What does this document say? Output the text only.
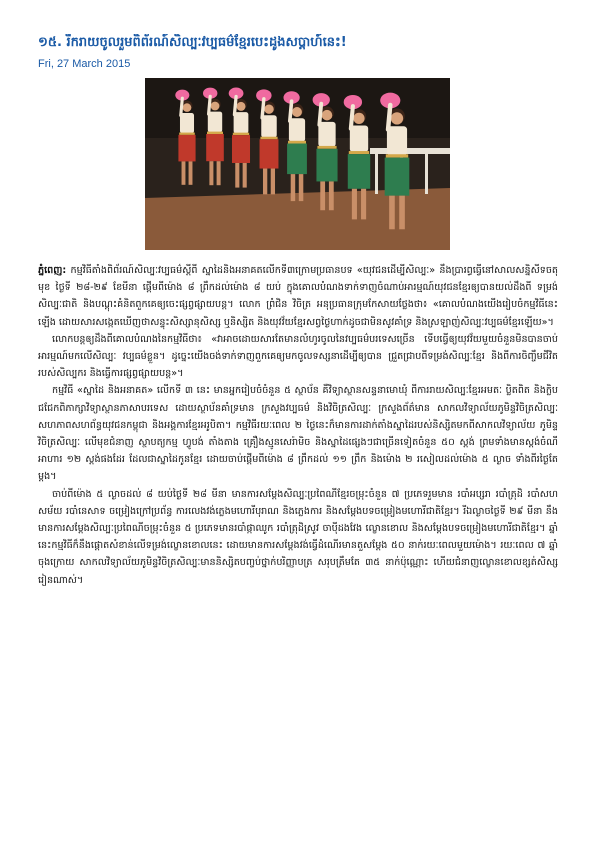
១៥. រីករាយចូលរួមពិព័រណ៍សិល្បៈវប្បធម៌ខ្មែរបេះដូងសប្តាហ៍នេះ!
Fri, 27 March 2015

ភ្នំពេញ: កម្មវិធីតាំងពិព័រណ៍សិល្បៈវប្បធម៌ស្តីពី ស្នាដៃនិងអនាគតលើកទី៣ក្រោមប្រធានបទ «យុវជនដើម្បីសិល្បៈ» នឹងប្រារព្ធធ្វើនៅសាលសន្និសីទចតុមុខ ថ្ងៃទី ២៨-២៩ ខែមីនា ផ្តើមពីម៉ោង ៨ ព្រឹកដល់ម៉ោង ៨ យប់ ក្នុងគោលបំណងទាក់ទាញចំណាប់អារម្មណ៍យុវជនខ្មែរឲ្យបានយល់ដឹងពី ទម្រង់សិល្បៈជាតិ និងបណ្តុះគំនិតពួកគេឲ្យចេះផ្សព្វផ្សាយបន្ត។ លោក ព្រំជិន វិចិត្រ អនុប្រធានក្រុមកែសាយថ្លែងថា៖ «គោលបំណងយើងរៀបចំកម្មវិធីនេះឡើង ដោយសារសង្កេតឃើញថាសន្ទុះសិស្សានុសិស្ស ឬនិស្សិត និងយុវវ័យខ្មែរសព្វថ្ងៃហាក់ដូចជាមិនសូវគាំទ្រ និងស្រឡាញ់សិល្បៈវប្បធម៌ខ្មែរឡើយ»។

លោកបន្តឲ្យដឹងពីគោលបំណងនៃកម្មវិធីថា៖ «វាអាចដោយសារតែមានលំហូរចូលនៃវប្បធម៌បរទេសច្រើន ទើបធ្វើឲ្យយុវវ័យមួយចំនួនមិនបានចាប់អារម្មណ៍មកលើសិល្បៈ វប្បធម៌ខ្លួន។ ដូច្នេះយើងចង់ទាក់ទាញពួកគេឲ្យមកចូលទស្សនាដើម្បីឲ្យបាន ជ្រួតជ្រាបពីទម្រង់សិល្បៈខ្មែរ និងពីការចិញ្ចឹមជីវិតរបស់សិល្បករ និងធ្វើការផ្សព្វផ្សាយបន្ត»។

កម្មវិធី «ស្នាដៃ និងអនាគត» លើកទី ៣ នេះ មានអ្នករៀបចំចំនួន ៥ ស្ថាប័ន គឺវិទ្យាស្ថានសន្ទនាមោឃុំ ពីការរាយសិល្បៈខ្មែរអមតៈ ប្លិតពិត និងក្លិបជជែកពិភាក្សាវិទ្យាស្ថានភាសាបរទេស ដោយស្ថាប័នគាំទ្រមាន ក្រសួងវប្បធម៌ និងវិចិត្រសិល្បៈ ក្រសួងព័ត៌មាន សាកលវិទ្យាល័យភូមិន្ទវិចិត្រសិល្បៈ សហភាពសហព័ន្ធយុវជនកម្ពុជា និងអង្គការខ្មែរអរូបិតា។ កម្មវិធីរយៈពេល ២ ថ្ងៃនេះក៏មានការដាក់តាំងស្នាដៃរបស់និស្សិតមកពីសាកលវិទ្យាល័យ ភូមិន្ទវិចិត្រសិល្បៈ លើមុខជំនាញ ស្ថាបត្យកម្ម ហ្វូបង់ តាំងតាង គ្រឿងស្មូនសេរ៉ាមិច និងស្នាដៃផ្សេងៗជាច្រើនទៀតចំនួន ៥០ ស្តង់ ព្រមទាំងមានស្តង់ចំណីអាហារ ១២ ស្តង់ផងដែរ ដែលជាស្នាដៃកូនខ្មែរ ដោយចាប់ផ្តើមពីម៉ោង ៨ ព្រឹកដល់ ១១ ព្រឹក និងម៉ោង ២ រសៀលដល់ម៉ោង ៥ ល្ងាច ទាំងពីរថ្ងៃតែម្តង។

ចាប់ពីម៉ោង ៥ ល្ងាចដល់ ៨ យប់ថ្ងៃទី ២៨ មីនា មានការសម្តែងសិល្បៈប្រពៃណីខ្មែរចម្រុះចំនួន ៧ ប្រភេទរួមមាន របាំអប្សរា របាំត្រុដិ របាំសហសម័យ របាំនេសាទ ចម្រៀងក្រៅប្រព័ន្ធ ការលេងវង់ភ្លេងមហោរីបុរាណ និងភ្លេងការ និងសម្តែងបទចម្រៀងមហោរីជាតិខ្មែរ។ រីឯល្ងាចថ្ងៃទី ២៩ មីនា នឹងមានការសម្តែងសិល្បៈប្រពៃណីចម្រុះចំនួន ៥ ប្រភេទមានរបាំផ្កាឈូក របាំត្រុដិស្រូវ ចាប៉ីដងវែង ល្ខោនខោល និងសម្តែងបទចម្រៀងមហោរីជាតិខ្មែរ។ ឆ្នាំនេះកម្មវិធីក៏នឹងផ្តោតសំខាន់លើទម្រង់ល្ខោនខោលនេះ ដោយមានការសម្តែងវង់ធ្វើដំណើរមានតួសម្តែង ៥០ នាក់រយៈពេលមួយម៉ោង។ រយៈពេល ៧ ឆ្នាំចុងក្រោយ សាកលវិទ្យាល័យភូមិន្ទវិចិត្រសិល្បៈមាននិស្សិតបញ្ចប់ថ្នាក់បរិញ្ញាបត្រ សរុបត្រឹមតែ ៣៥ នាក់ប៉ុណ្ណោះ ហើយជំនាញល្ខោនខោលខ្សត់សិស្សរៀនណាស់។
